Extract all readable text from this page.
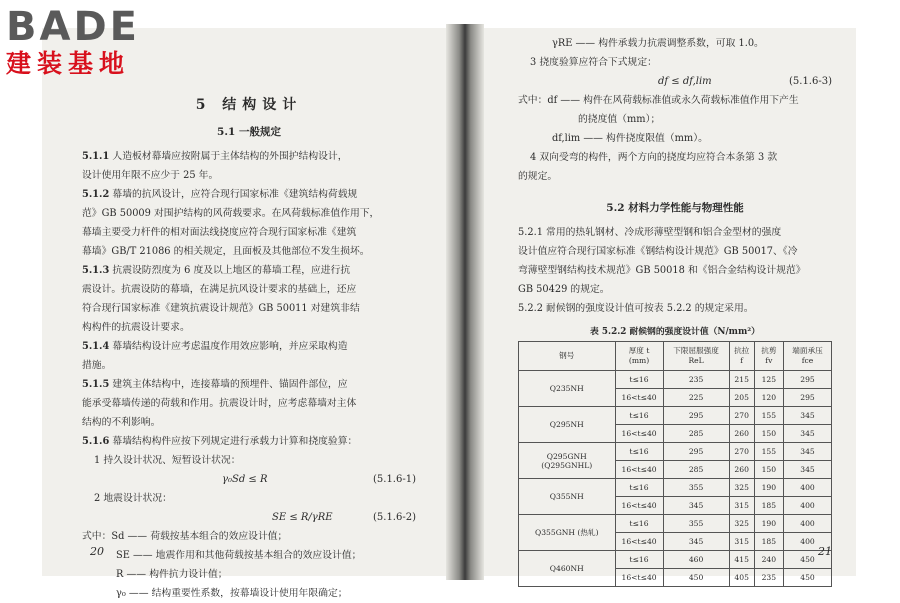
BADE
建装基地
5 结构设计
5.1 一般规定

5.1.1 人造板材幕墙应按附属于主体结构的外围护结构设计，

设计使用年限不应少于 25 年。

5.1.2 幕墙的抗风设计，应符合现行国家标准《建筑结构荷载规

范》GB 50009 对围护结构的风荷载要求。在风荷载标准值作用下，

幕墙主要受力杆件的相对面法线挠度应符合现行国家标准《建筑

幕墙》GB/T 21086 的相关规定，且面板及其他部位不发生损坏。

5.1.3 抗震设防烈度为 6 度及以上地区的幕墙工程，应进行抗

震设计。抗震设防的幕墙，在满足抗风设计要求的基础上，还应

符合现行国家标准《建筑抗震设计规范》GB 50011 对建筑非结

构构件的抗震设计要求。

5.1.4 幕墙结构设计应考虑温度作用效应影响，并应采取构造

措施。

5.1.5 建筑主体结构中，连接幕墙的预埋件、锚固件部位，应

能承受幕墙传递的荷载和作用。抗震设计时，应考虑幕墙对主体

结构的不利影响。

5.1.6 幕墙结构构件应按下列规定进行承载力计算和挠度验算：

1 持久设计状况、短暂设计状况：

γ₀Sd ≤ R	(5.1.6-1)

2 地震设计状况：

SE ≤ R/γRE	(5.1.6-2)

式中：Sd —— 荷载按基本组合的效应设计值；

SE —— 地震作用和其他荷载按基本组合的效应设计值；

R —— 构件抗力设计值；

γ₀ —— 结构重要性系数，按幕墙设计使用年限确定；

20

γRE —— 构件承载力抗震调整系数，可取 1.0。

3 挠度验算应符合下式规定：

df ≤ df,lim	(5.1.6-3)

式中：df —— 构件在风荷载标准值或永久荷载标准值作用下产生

的挠度值（mm）；

df,lim —— 构件挠度限值（mm）。

4 双向受弯的构件，两个方向的挠度均应符合本条第 3 款

的规定。

5.2 材料力学性能与物理性能

5.2.1 常用的热轧钢材、冷成形薄壁型钢和铝合金型材的强度

设计值应符合现行国家标准《钢结构设计规范》GB 50017、《冷

弯薄壁型钢结构技术规范》GB 50018 和《铝合金结构设计规范》

GB 50429 的规定。

5.2.2 耐候钢的强度设计值可按表 5.2.2 的规定采用。

表 5.2.2 耐候钢的强度设计值（N/mm²）
钢号	厚度 t (mm)	下限屈服强度 ReL	抗拉 f	抗剪 fv	端面承压 fce
Q235NH	t≤16	235	215	125	295
	16<t≤40	225	205	120	295
Q295NH	t≤16	295	270	155	345
	16<t≤40	285	260	150	345
Q295GNH (Q295GNHL)	t≤16	295	270	155	345
	16<t≤40	285	260	150	345
Q355NH	t≤16	355	325	190	400
	16<t≤40	345	315	185	400
Q355GNH (热轧)	t≤16	355	325	190	400
	16<t≤40	345	315	185	400
Q460NH	t≤16	460	415	240	450
	16<t≤40	450	405	235	450
21
